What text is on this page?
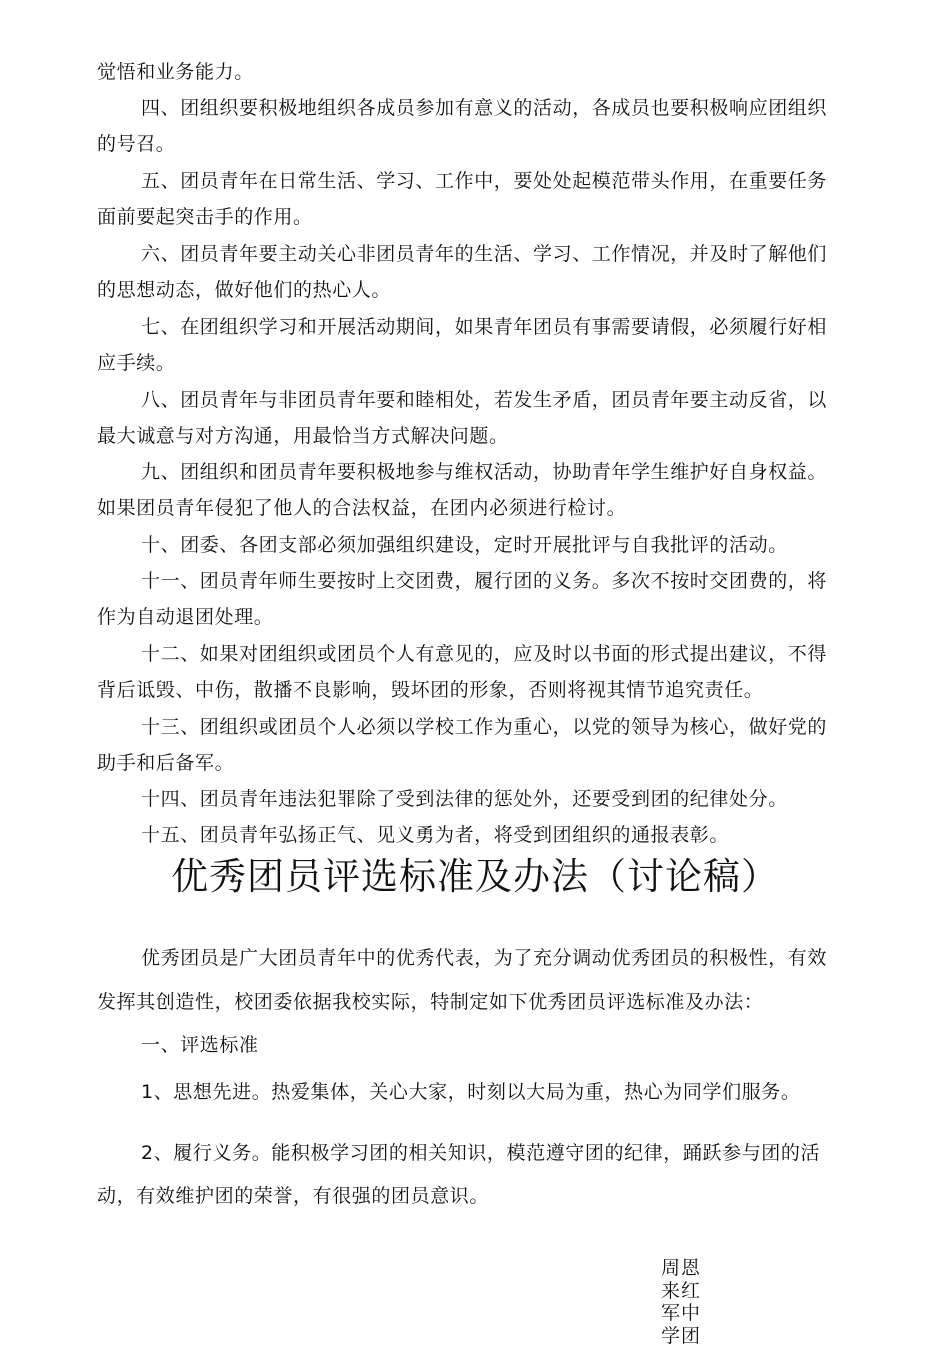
觉悟和业务能力。
四、团组织要积极地组织各成员参加有意义的活动，各成员也要积极响应团组织
的号召。
五、团员青年在日常生活、学习、工作中，要处处起模范带头作用，在重要任务
面前要起突击手的作用。
六、团员青年要主动关心非团员青年的生活、学习、工作情况，并及时了解他们
的思想动态，做好他们的热心人。
七、在团组织学习和开展活动期间，如果青年团员有事需要请假，必须履行好相
应手续。
八、团员青年与非团员青年要和睦相处，若发生矛盾，团员青年要主动反省，以
最大诚意与对方沟通，用最恰当方式解决问题。
九、团组织和团员青年要积极地参与维权活动，协助青年学生维护好自身权益。
如果团员青年侵犯了他人的合法权益，在团内必须进行检讨。
十、团委、各团支部必须加强组织建设，定时开展批评与自我批评的活动。
十一、团员青年师生要按时上交团费，履行团的义务。多次不按时交团费的，将
作为自动退团处理。
十二、如果对团组织或团员个人有意见的，应及时以书面的形式提出建议，不得
背后诋毁、中伤，散播不良影响，毁坏团的形象，否则将视其情节追究责任。
十三、团组织或团员个人必须以学校工作为重心，以党的领导为核心，做好党的
助手和后备军。
十四、团员青年违法犯罪除了受到法律的惩处外，还要受到团的纪律处分。
十五、团员青年弘扬正气、见义勇为者，将受到团组织的通报表彰。
优秀团员评选标准及办法（讨论稿）
优秀团员是广大团员青年中的优秀代表，为了充分调动优秀团员的积极性，有效
发挥其创造性，校团委依据我校实际，特制定如下优秀团员评选标准及办法：
一、评选标准
1、思想先进。热爱集体，关心大家，时刻以大局为重，热心为同学们服务。
2、履行义务。能积极学习团的相关知识，模范遵守团的纪律，踊跃参与团的活
动，有效维护团的荣誉，有很强的团员意识。
周恩来红军中学团
